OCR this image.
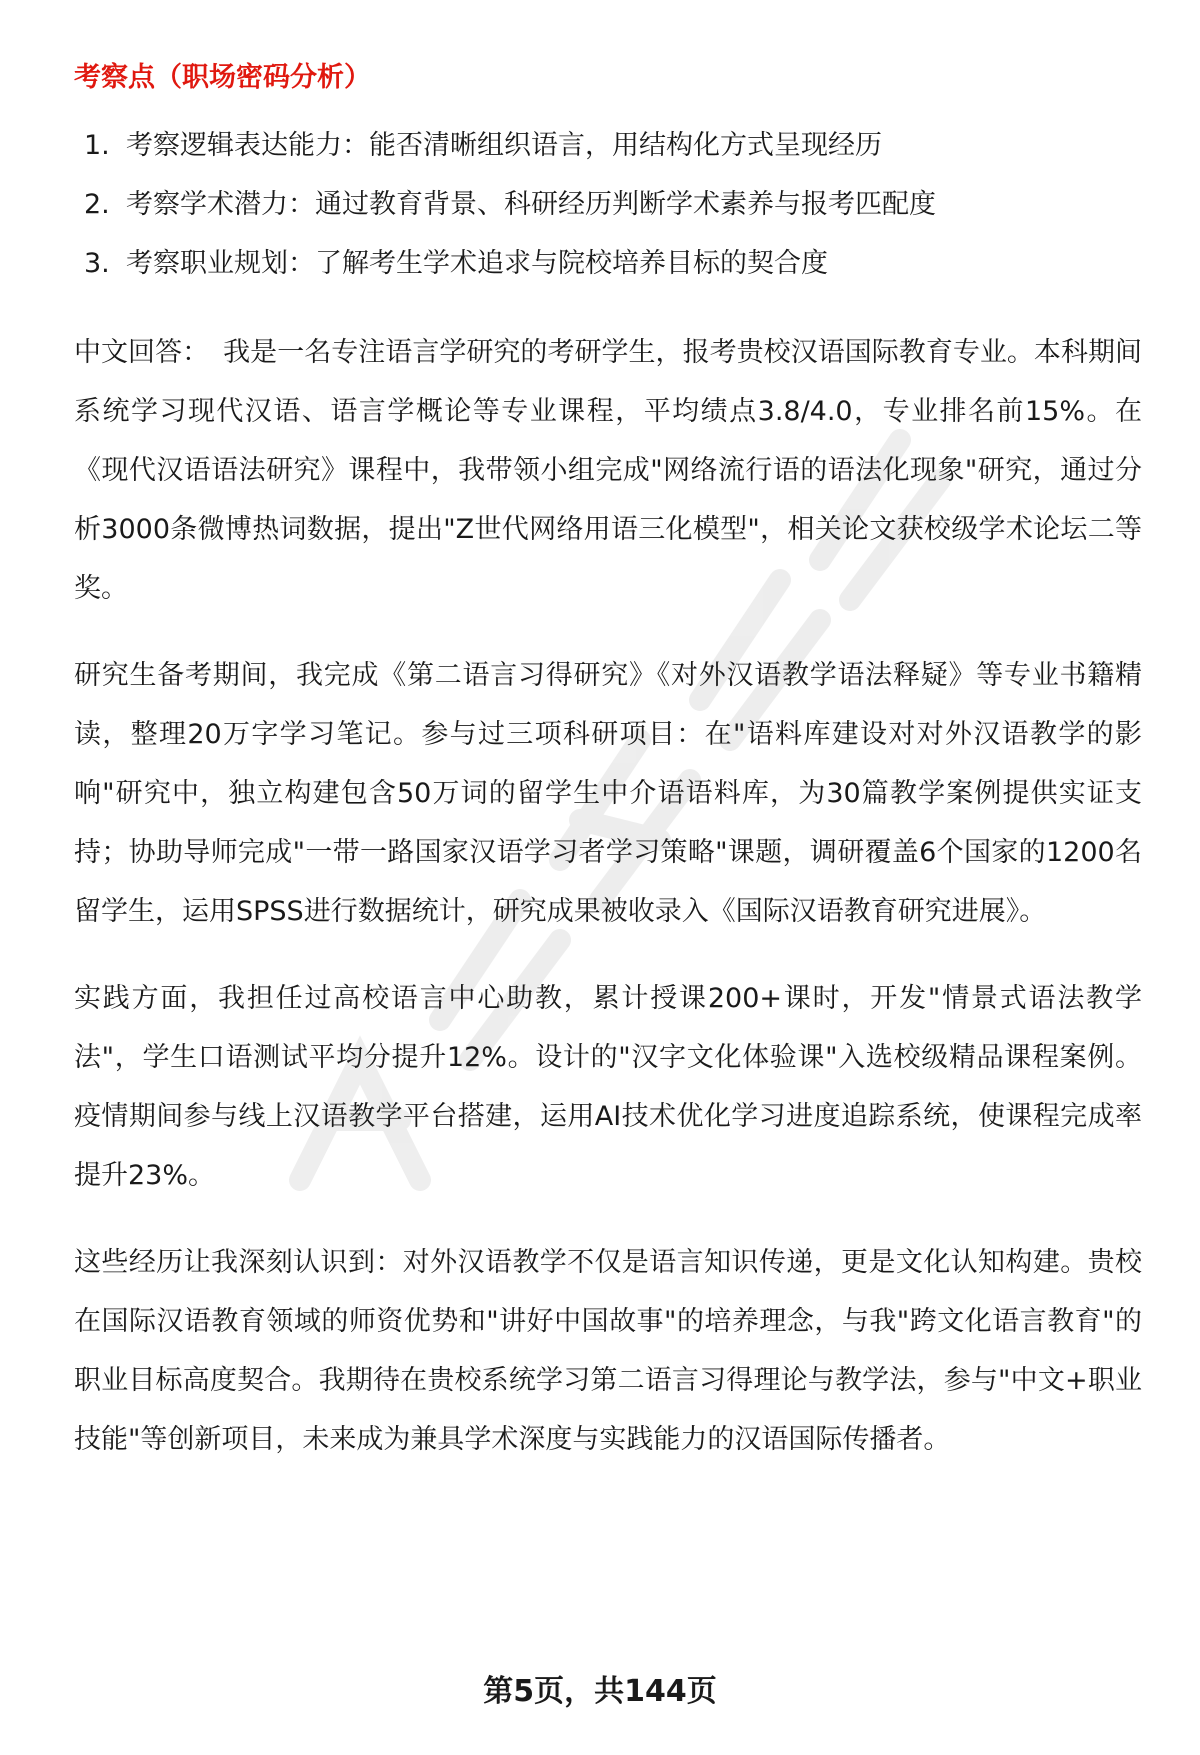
考察点（职场密码分析）
1. 考察逻辑表达能力：能否清晰组织语言，用结构化方式呈现经历
2. 考察学术潜力：通过教育背景、科研经历判断学术素养与报考匹配度
3. 考察职业规划：了解考生学术追求与院校培养目标的契合度

中文回答： 我是一名专注语言学研究的考研学生，报考贵校汉语国际教育专业。本科期间系统学习现代汉语、语言学概论等专业课程，平均绩点3.8/4.0，专业排名前15%。在《现代汉语语法研究》课程中，我带领小组完成"网络流行语的语法化现象"研究，通过分析3000条微博热词数据，提出"Z世代网络用语三化模型"，相关论文获校级学术论坛二等奖。

研究生备考期间，我完成《第二语言习得研究》《对外汉语教学语法释疑》等专业书籍精读，整理20万字学习笔记。参与过三项科研项目：在"语料库建设对对外汉语教学的影响"研究中，独立构建包含50万词的留学生中介语语料库，为30篇教学案例提供实证支持；协助导师完成"一带一路国家汉语学习者学习策略"课题，调研覆盖6个国家的1200名留学生，运用SPSS进行数据统计，研究成果被收录入《国际汉语教育研究进展》。

实践方面，我担任过高校语言中心助教，累计授课200+课时，开发"情景式语法教学法"，学生口语测试平均分提升12%。设计的"汉字文化体验课"入选校级精品课程案例。疫情期间参与线上汉语教学平台搭建，运用AI技术优化学习进度追踪系统，使课程完成率提升23%。

这些经历让我深刻认识到：对外汉语教学不仅是语言知识传递，更是文化认知构建。贵校在国际汉语教育领域的师资优势和"讲好中国故事"的培养理念，与我"跨文化语言教育"的职业目标高度契合。我期待在贵校系统学习第二语言习得理论与教学法，参与"中文+职业技能"等创新项目，未来成为兼具学术深度与实践能力的汉语国际传播者。

第5页，共144页
